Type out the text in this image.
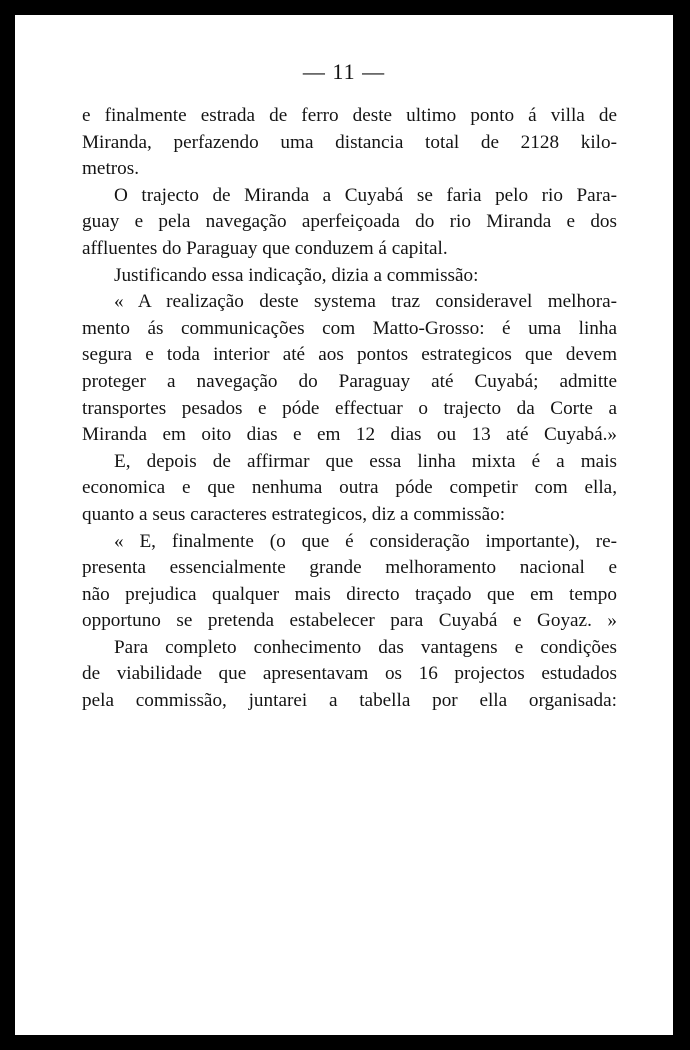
— 11 —
e finalmente estrada de ferro deste ultimo ponto á villa de
Miranda, perfazendo uma distancia total de 2128 kilo-
metros.
O trajecto de Miranda a Cuyabá se faria pelo rio Para-
guay e pela navegação aperfeiçoada do rio Miranda e dos
affluentes do Paraguay que conduzem á capital.
Justificando essa indicação, dizia a commissão:
« A realização deste systema traz consideravel melhora-
mento ás communicações com Matto-Grosso: é uma linha
segura e toda interior até aos pontos estrategicos que devem
proteger a navegação do Paraguay até Cuyabá; admitte
transportes pesados e póde effectuar o trajecto da Corte a
Miranda em oito dias e em 12 dias ou 13 até Cuyabá.»
E, depois de affirmar que essa linha mixta é a mais
economica e que nenhuma outra póde competir com ella,
quanto a seus caracteres estrategicos, diz a commissão:
« E, finalmente (o que é consideração importante), re-
presenta essencialmente grande melhoramento nacional e
não prejudica qualquer mais directo traçado que em tempo
opportuno se pretenda estabelecer para Cuyabá e Goyaz. »
Para completo conhecimento das vantagens e condições
de viabilidade que apresentavam os 16 projectos estudados
pela commissão, juntarei a tabella por ella organisada:
